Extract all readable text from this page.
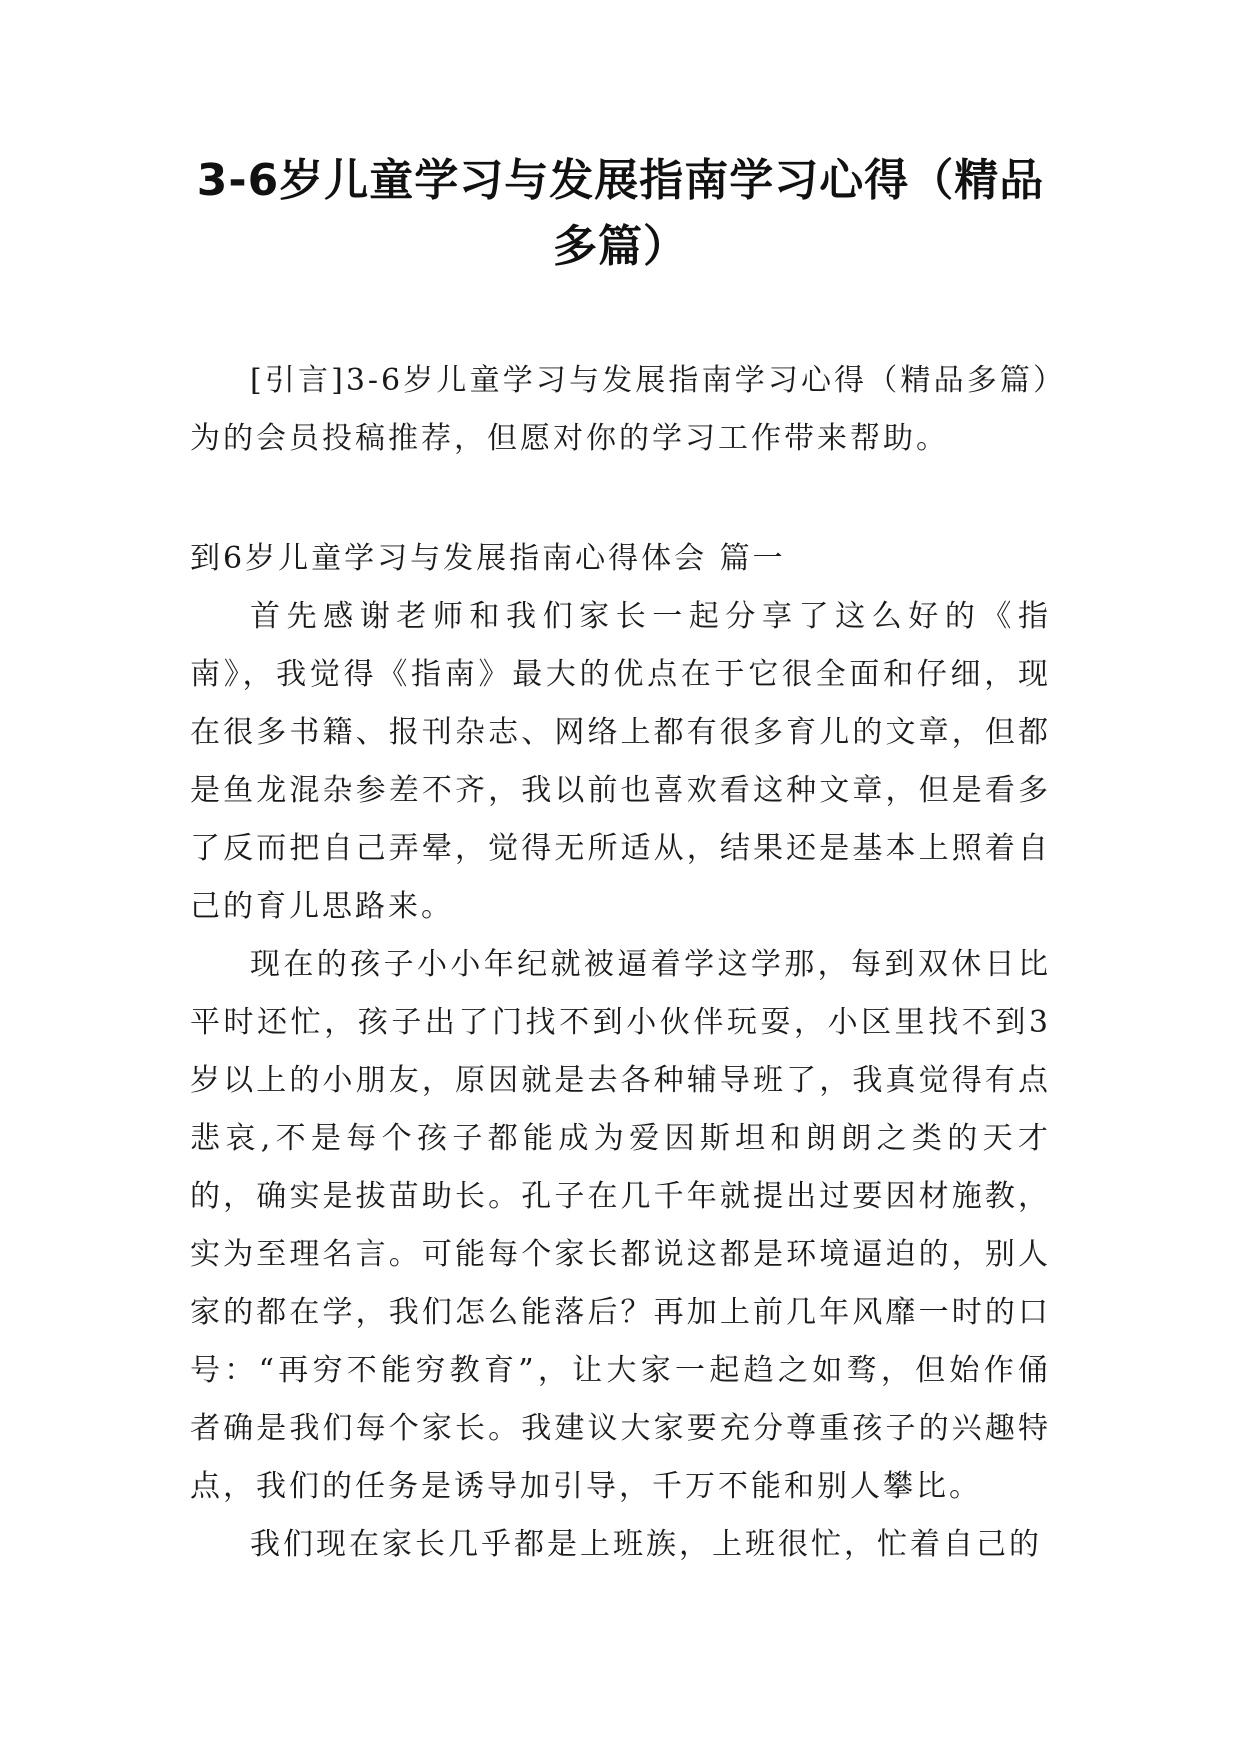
3-6岁儿童学习与发展指南学习心得（精品多篇）

[引言]3-6岁儿童学习与发展指南学习心得（精品多篇）为的会员投稿推荐，但愿对你的学习工作带来帮助。

到6岁儿童学习与发展指南心得体会 篇一

首先感谢老师和我们家长一起分享了这么好的《指南》，我觉得《指南》最大的优点在于它很全面和仔细，现在很多书籍、报刊杂志、网络上都有很多育儿的文章，但都是鱼龙混杂参差不齐，我以前也喜欢看这种文章，但是看多了反而把自己弄晕，觉得无所适从，结果还是基本上照着自己的育儿思路来。

现在的孩子小小年纪就被逼着学这学那，每到双休日比平时还忙，孩子出了门找不到小伙伴玩耍，小区里找不到3岁以上的小朋友，原因就是去各种辅导班了，我真觉得有点悲哀,不是每个孩子都能成为爱因斯坦和朗朗之类的天才的，确实是拔苗助长。孔子在几千年就提出过要因材施教，实为至理名言。可能每个家长都说这都是环境逼迫的，别人家的都在学，我们怎么能落后？再加上前几年风靡一时的口号：“再穷不能穷教育”，让大家一起趋之如骛，但始作俑者确是我们每个家长。我建议大家要充分尊重孩子的兴趣特点，我们的任务是诱导加引导，千万不能和别人攀比。

我们现在家长几乎都是上班族，上班很忙，忙着自己的
